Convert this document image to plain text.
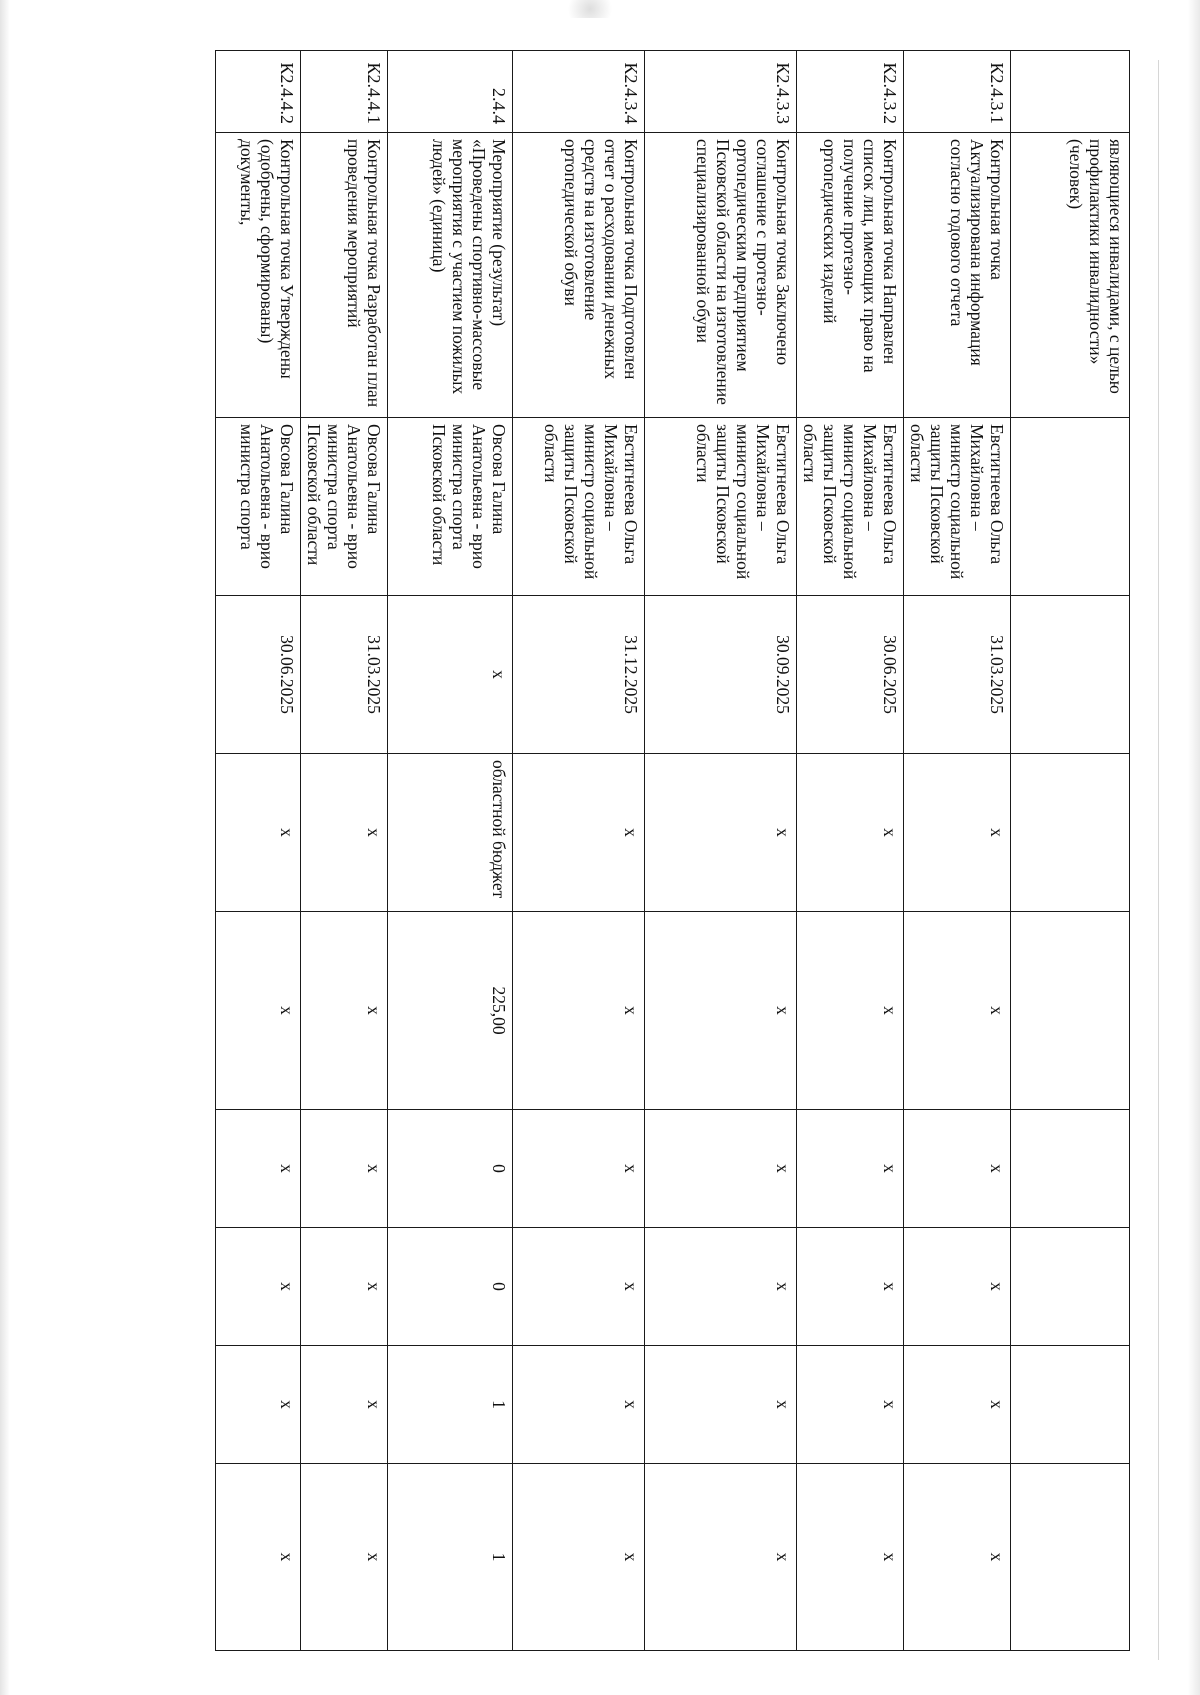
	являющиеся инвалидами, с целью профилактики инвалидности» (человек)								
К2.4.3.1	Контрольная точка Актуализирована информация согласно годового отчета	Евстигнеева Ольга Михайловна – министр социальной защиты Псковской области	31.03.2025	x	x	x	x	x	x
К2.4.3.2	Контрольная точка Направлен список лиц, имеющих право на получение протезно-ортопедических изделий	Евстигнеева Ольга Михайловна – министр социальной защиты Псковской области	30.06.2025	x	x	x	x	x	x
К2.4.3.3	Контрольная точка Заключено соглашение с протезно-ортопедическим предприятием Псковской области на изготовление специализированной обуви	Евстигнеева Ольга Михайловна – министр социальной защиты Псковской области	30.09.2025	x	x	x	x	x	x
К2.4.3.4	Контрольная точка Подготовлен отчет о расходовании денежных средств на изготовление ортопедической обуви	Евстигнеева Ольга Михайловна – министр социальной защиты Псковской области	31.12.2025	x	x	x	x	x	x
2.4.4	Мероприятие (результат) «Проведены спортивно-массовые мероприятия с участием пожилых людей» (единица)	Овсова Галина Анатольевна - врио министра спорта Псковской области	x	областной бюджет	225,00	0	0	1	1
К2.4.4.1	Контрольная точка Разработан план проведения мероприятий	Овсова Галина Анатольевна - врио министра спорта Псковской области	31.03.2025	x	x	x	x	x	x
К2.4.4.2	Контрольная точка Утверждены (одобрены, сформированы) документы,	Овсова Галина Анатольевна - врио министра спорта	30.06.2025	x	x	x	x	x	x
